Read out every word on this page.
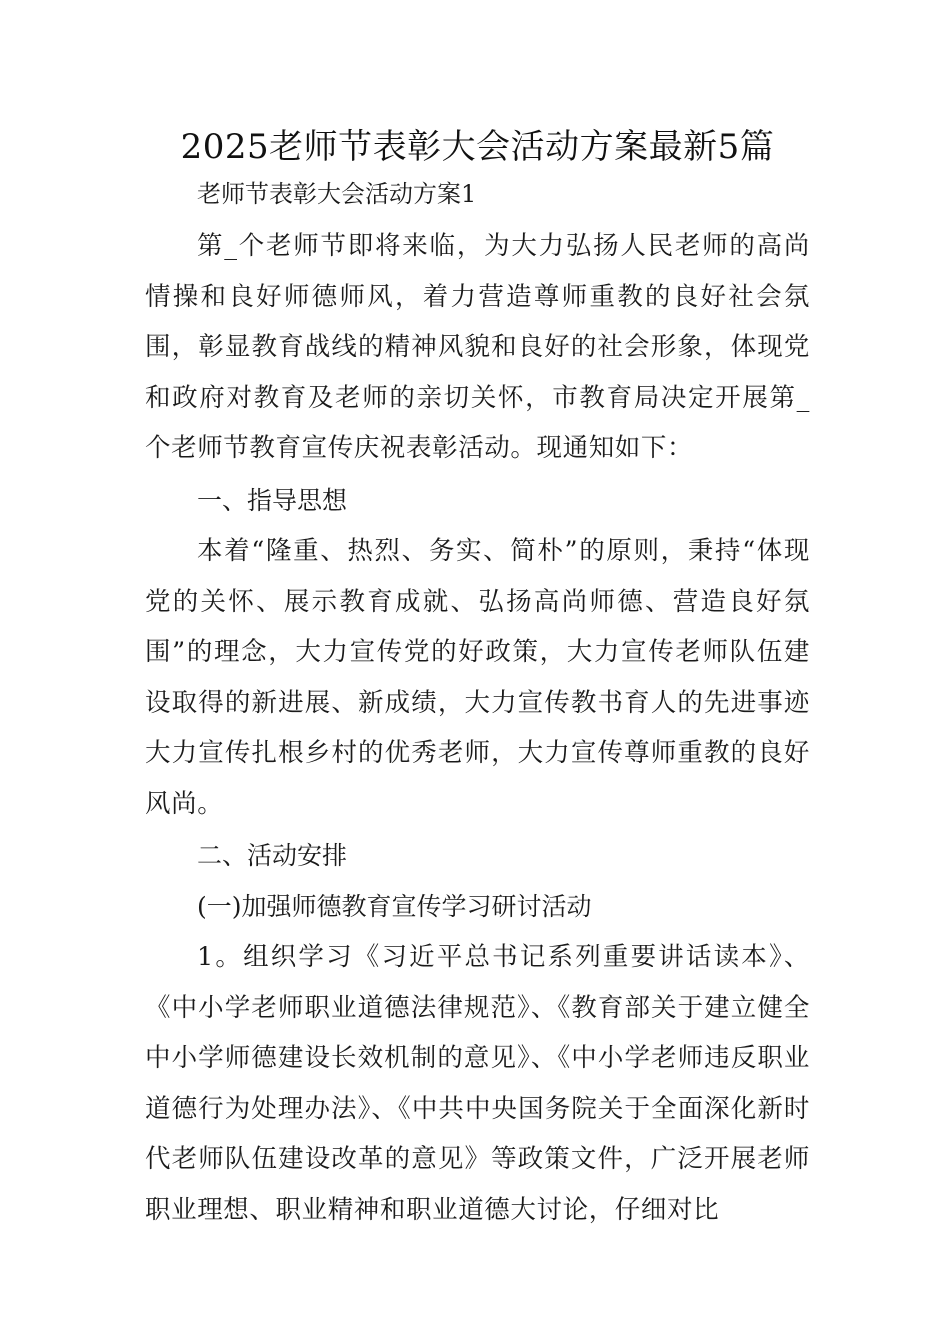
2025老师节表彰大会活动方案最新5篇
老师节表彰大会活动方案1

第_个老师节即将来临，为大力弘扬人民老师的高尚情操和良好师德师风，着力营造尊师重教的良好社会氛围，彰显教育战线的精神风貌和良好的社会形象，体现党和政府对教育及老师的亲切关怀，市教育局决定开展第_个老师节教育宣传庆祝表彰活动。现通知如下：

一、指导思想

本着“隆重、热烈、务实、简朴”的原则，秉持“体现党的关怀、展示教育成就、弘扬高尚师德、营造良好氛围”的理念，大力宣传党的好政策，大力宣传老师队伍建设取得的新进展、新成绩，大力宣传教书育人的先进事迹大力宣传扎根乡村的优秀老师，大力宣传尊师重教的良好风尚。

二、活动安排
(一)加强师德教育宣传学习研讨活动

1。组织学习《习近平总书记系列重要讲话读本》、《中小学老师职业道德法律规范》、《教育部关于建立健全中小学师德建设长效机制的意见》、《中小学老师违反职业道德行为处理办法》、《中共中央国务院关于全面深化新时代老师队伍建设改革的意见》等政策文件，广泛开展老师职业理想、职业精神和职业道德大讨论，仔细对比
